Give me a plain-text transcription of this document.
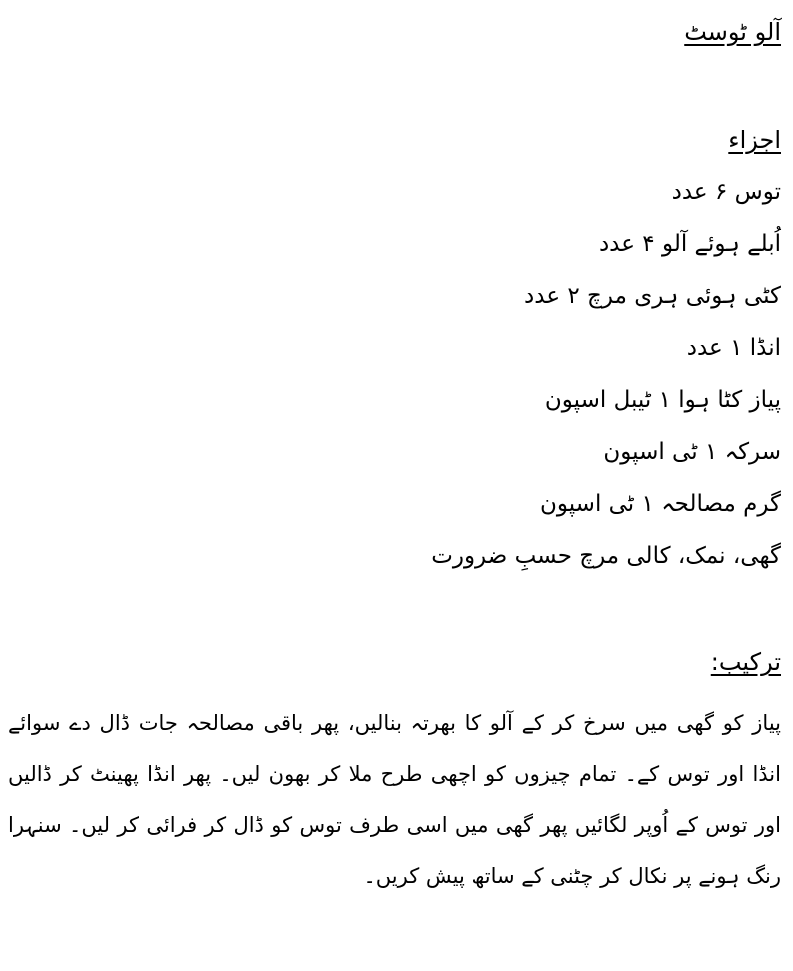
آلو ٹوسٹ
اجزاء
توس ۶ عدد
اُبلے ہوئے آلو ۴ عدد
کٹی ہوئی ہری مرچ ۲ عدد
انڈا ۱ عدد
پیاز کٹا ہوا ۱ ٹیبل اسپون
سرکہ ۱ ٹی اسپون
گرم مصالحہ ۱ ٹی اسپون
گھی، نمک، کالی مرچ حسبِ ضرورت
ترکیب:

پیاز کو گھی میں سرخ کر کے آلو کا بھرتہ بنالیں، پھر باقی مصالحہ جات ڈال دے سوائے انڈا اور توس کے۔ تمام چیزوں کو اچھی طرح ملا کر بھون لیں۔ پھر انڈا پھینٹ کر ڈالیں اور توس کے اُوپر لگائیں پھر گھی میں اسی طرف توس کو ڈال کر فرائی کر لیں۔ سنہرا رنگ ہونے پر نکال کر چٹنی کے ساتھ پیش کریں۔
